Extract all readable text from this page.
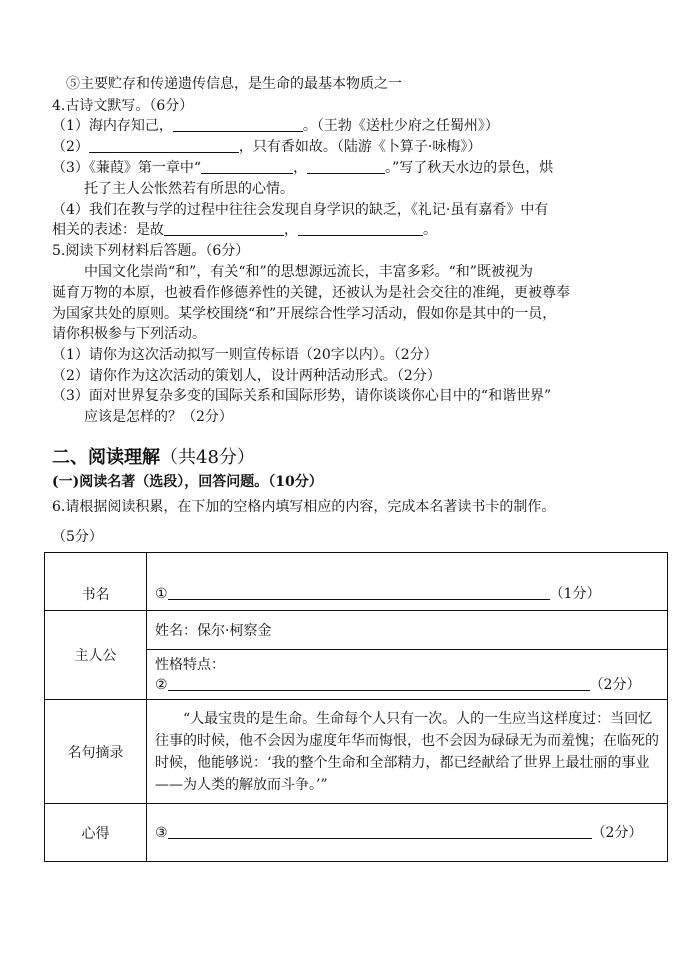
⑤主要贮存和传递遗传信息，是生命的最基本物质之一
4.古诗文默写。（6分）
（1）海内存知己，	。（王勃《送杜少府之任蜀州》）
（2）	，只有香如故。（陆游《卜算子·咏梅》）
（3）《蒹葭》第一章中“	，	。”写了秋天水边的景色，烘
托了主人公怅然若有所思的心情。
（4）我们在教与学的过程中往往会发现自身学识的缺乏，《礼记·虽有嘉肴》中有
相关的表述：是故	，	。
5.阅读下列材料后答题。（6分）
中国文化崇尚“和”，有关“和”的思想源远流长，丰富多彩。“和”既被视为
诞育万物的本原，也被看作修德养性的关键，还被认为是社会交往的准绳，更被尊奉
为国家共处的原则。某学校围绕“和”开展综合性学习活动，假如你是其中的一员，
请你积极参与下列活动。
（1）请你为这次活动拟写一则宣传标语（20字以内）。（2分）
（2）请你作为这次活动的策划人，设计两种活动形式。（2分）
（3）面对世界复杂多变的国际关系和国际形势，请你谈谈你心目中的“和谐世界”
应该是怎样的？（2分）
二、阅读理解（共48分）
(一)阅读名著（选段），回答问题。（10分）
6.请根据阅读积累，在下加的空格内填写相应的内容，完成本名著读书卡的制作。
（5分）
书名	① （1分）

主人公	姓名：保尔·柯察金

	性格特点：
② （2分）

名句摘录	“人最宝贵的是生命。生命每个人只有一次。人的一生应当这样度过：当回忆往事的时候，他不会因为虚度年华而悔恨，也不会因为碌碌无为而羞愧；在临死的时候，他能够说：‘我的整个生命和全部精力，都已经献给了世界上最壮丽的事业——为人类的解放而斗争。’”

心得	③ （2分）
